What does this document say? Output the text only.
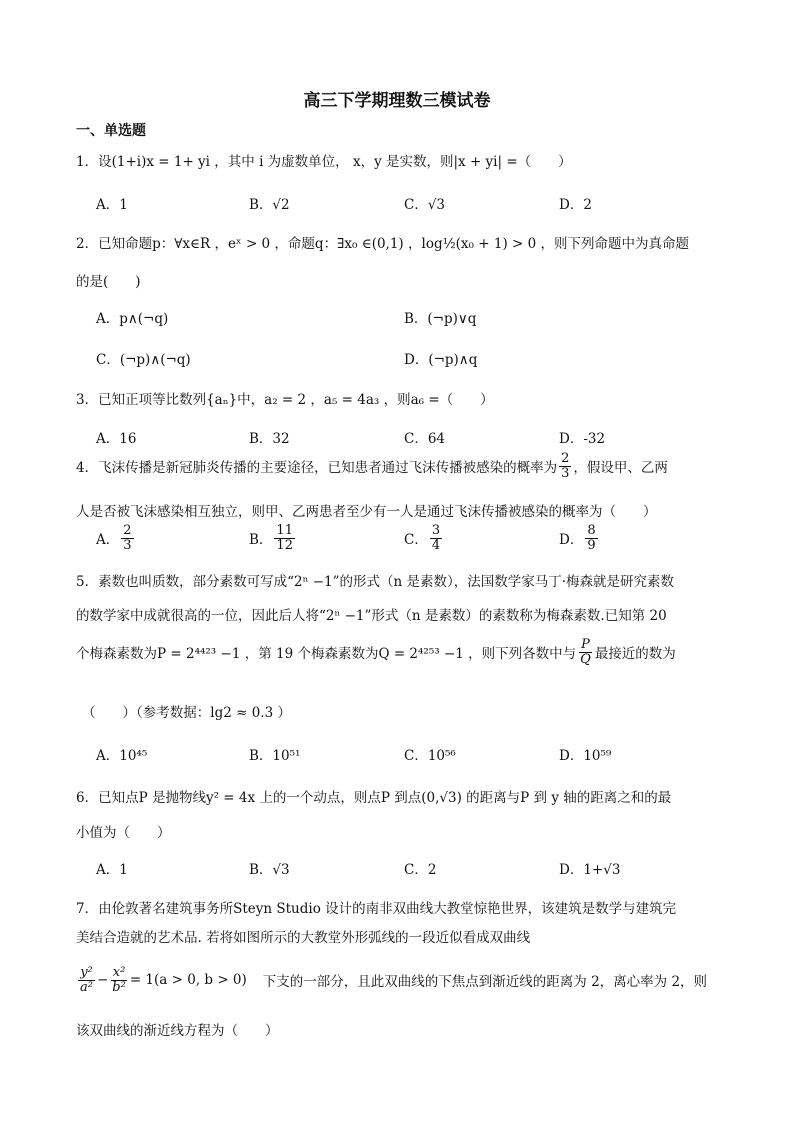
高三下学期理数三模试卷
一、单选题
1．设(1+i)x = 1+ yi ，其中 i 为虚数单位， x，y 是实数，则|x + yi| =（　　）
A．1	B．√2	C．√3	D．2
2．已知命题p：∀x∈R ，eˣ > 0 ，命题q：∃x₀ ∈(0,1) ，log½(x₀ + 1) > 0 ，则下列命题中为真命题
的是(　　)
A．p∧(¬q)	B．(¬p)∨q
C．(¬p)∧(¬q)	D．(¬p)∧q
3．已知正项等比数列{aₙ}中，a₂ = 2 ，a₅ = 4a₃ ，则a₆ =（　　）
A．16	B．32	C．64	D．-32
4．飞沫传播是新冠肺炎传播的主要途径，已知患者通过飞沫传播被感染的概率为 $\frac{2}{3}$ ，假设甲、乙两
人是否被飞沫感染相互独立，则甲、乙两患者至少有一人是通过飞沫传播被感染的概率为（　　）
A． $\frac{2}{3}$	B． $\frac{11}{12}$	C． $\frac{3}{4}$	D． $\frac{8}{9}$
5．素数也叫质数，部分素数可写成“2ⁿ −1”的形式（n 是素数），法国数学家马丁·梅森就是研究素数
的数学家中成就很高的一位，因此后人将“2ⁿ −1”形式（n 是素数）的素数称为梅森素数.已知第 20
个梅森素数为P = 2⁴⁴²³ −1 ，第 19 个梅森素数为Q = 2⁴²⁵³ −1 ，则下列各数中与 $\frac{P}{Q}$ 最接近的数为
（　　）（参考数据：lg2 ≈ 0.3 ）
A．10⁴⁵	B．10⁵¹	C．10⁵⁶	D．10⁵⁹
6．已知点P 是抛物线y² = 4x 上的一个动点，则点P 到点(0,√3) 的距离与P 到 y 轴的距离之和的最
小值为（　　）
A．1	B．√3	C．2	D．1+√3
7．由伦敦著名建筑事务所Steyn Studio 设计的南非双曲线大教堂惊艳世界，该建筑是数学与建筑完
美结合造就的艺术品. 若将如图所示的大教堂外形弧线的一段近似看成双曲线
$\frac{\text{y²}}{\text{a²}} - \frac{\text{x²}}{\text{b²}} = 1(a > 0$, b > 0) 下支的一部分，且此双曲线的下焦点到渐近线的距离为 2，离心率为 2，则
该双曲线的渐近线方程为（　　）
